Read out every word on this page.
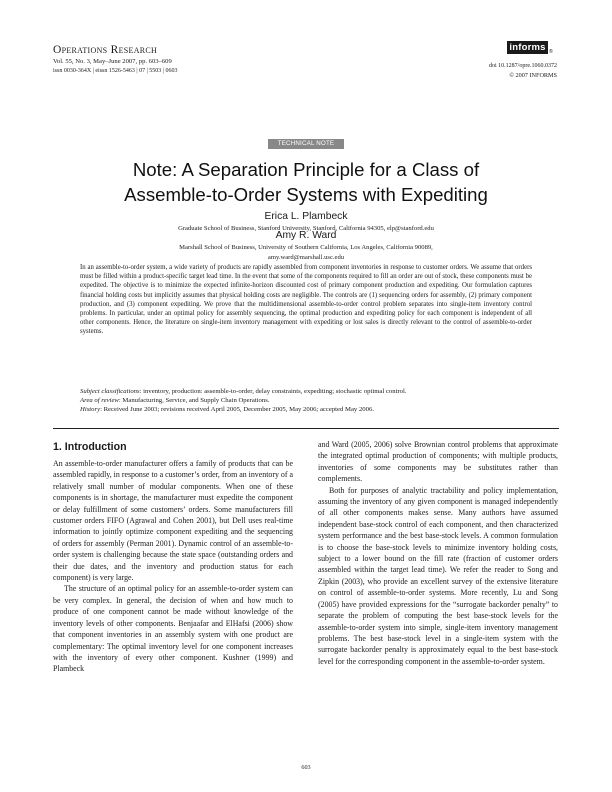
Operations Research
Vol. 55, No. 3, May–June 2007, pp. 603–609
issn 0030-364X | eissn 1526-5463 | 07 | 5503 | 0603
informs ®
doi 10.1287/opre.1060.0372
© 2007 INFORMS
TECHNICAL NOTE
Note: A Separation Principle for a Class of
Assemble-to-Order Systems with Expediting
Erica L. Plambeck
Graduate School of Business, Stanford University, Stanford, California 94305, elp@stanford.edu
Amy R. Ward
Marshall School of Business, University of Southern California, Los Angeles, California 90089,
amy.ward@marshall.usc.edu

In an assemble-to-order system, a wide variety of products are rapidly assembled from component inventories in response to customer orders. We assume that orders must be filled within a product-specific target lead time. In the event that some of the components required to fill an order are out of stock, these components must be expedited. The objective is to minimize the expected infinite-horizon discounted cost of primary component production and expediting. Our formulation captures financial holding costs but implicitly assumes that physical holding costs are negligible. The controls are (1) sequencing orders for assembly, (2) primary component production, and (3) component expediting. We prove that the multidimensional assemble-to-order control problem separates into single-item inventory control problems. In particular, under an optimal policy for assembly sequencing, the optimal production and expediting policy for each component is independent of all other components. Hence, the literature on single-item inventory management with expediting or lost sales is directly relevant to the control of assemble-to-order systems.

Subject classifications: inventory, production: assemble-to-order, delay constraints, expediting; stochastic optimal control.
Area of review: Manufacturing, Service, and Supply Chain Operations.
History: Received June 2003; revisions received April 2005, December 2005, May 2006; accepted May 2006.
1. Introduction

An assemble-to-order manufacturer offers a family of products that can be assembled rapidly, in response to a customer’s order, from an inventory of a relatively small number of modular components. When one of these components is in shortage, the manufacturer must expedite the component or delay fulfillment of some customers’ orders. Some manufacturers fill customer orders FIFO (Agrawal and Cohen 2001), but Dell uses real-time information to jointly optimize component expediting and the sequencing of orders for assembly (Perman 2001). Dynamic control of an assemble-to-order system is challenging because the state space (outstanding orders and their due dates, and the inventory and production status for each component) is very large.

The structure of an optimal policy for an assemble-to-order system can be very complex. In general, the decision of when and how much to produce of one component cannot be made without knowledge of the inventory levels of other components. Benjaafar and ElHafsi (2006) show that component inventories in an assembly system with one product are complementary: The optimal inventory level for one component increases with the inventory of every other component. Kushner (1999) and Plambeck

and Ward (2005, 2006) solve Brownian control problems that approximate the integrated optimal production of components; with multiple products, inventories of some components may be substitutes rather than complements.

Both for purposes of analytic tractability and policy implementation, assuming the inventory of any given component is managed independently of all other components makes sense. Many authors have assumed independent base-stock control of each component, and then characterized system performance and the best base-stock levels. A common formulation is to choose the base-stock levels to minimize inventory holding costs, subject to a lower bound on the fill rate (fraction of customer orders assembled within the target lead time). We refer the reader to Song and Zipkin (2003), who provide an excellent survey of the extensive literature on control of assemble-to-order systems. More recently, Lu and Song (2005) have provided expressions for the “surrogate backorder penalty” to separate the problem of computing the best base-stock levels for the assemble-to-order system into simple, single-item inventory management problems. The best base-stock level in a single-item system with the surrogate backorder penalty is approximately equal to the best base-stock level for the corresponding component in the assemble-to-order system.

603
